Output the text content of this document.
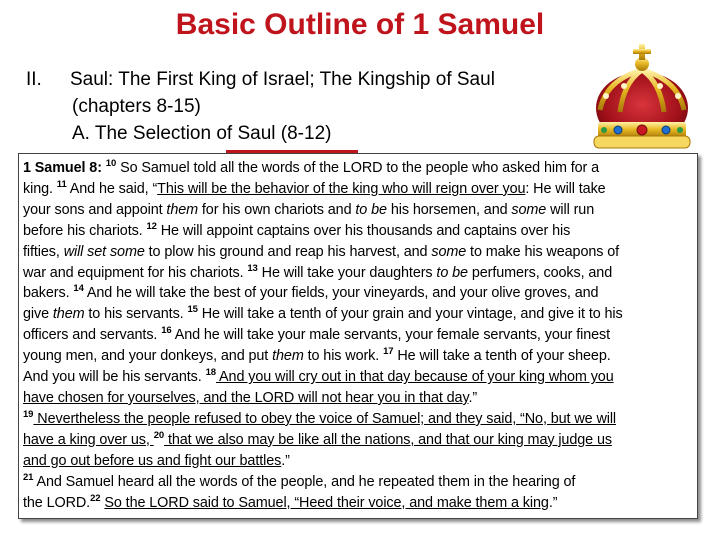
Basic Outline of 1 Samuel
II.	Saul: The First King of Israel; The Kingship of Saul
(chapters 8-15)
A. The Selection of Saul (8-12)
1 Samuel 8: $^{10}$ So Samuel told all the words of the LORD to the people who asked him for a
king. $^{11}$ And he said, “This will be the behavior of the king who will reign over you: He will take
your sons and appoint them for his own chariots and to be his horsemen, and some will run
before his chariots. $^{12}$ He will appoint captains over his thousands and captains over his
fifties, will set some to plow his ground and reap his harvest, and some to make his weapons of
war and equipment for his chariots. $^{13}$ He will take your daughters to be perfumers, cooks, and
bakers. $^{14}$ And he will take the best of your fields, your vineyards, and your olive groves, and
give them to his servants. $^{15}$ He will take a tenth of your grain and your vintage, and give it to his
officers and servants. $^{16}$ And he will take your male servants, your female servants, your finest
young men, and your donkeys, and put them to his work. $^{17}$ He will take a tenth of your sheep.
And you will be his servants. $^{18}$ And you will cry out in that day because of your king whom you
have chosen for yourselves, and the LORD will not hear you in that day.”
$^{19}$ Nevertheless the people refused to obey the voice of Samuel; and they said, “No, but we will
have a king over us, $^{20}$ that we also may be like all the nations, and that our king may judge us
and go out before us and fight our battles.”
$^{21}$ And Samuel heard all the words of the people, and he repeated them in the hearing of
the LORD.$^{22}$ So the LORD said to Samuel, “Heed their voice, and make them a king.”
